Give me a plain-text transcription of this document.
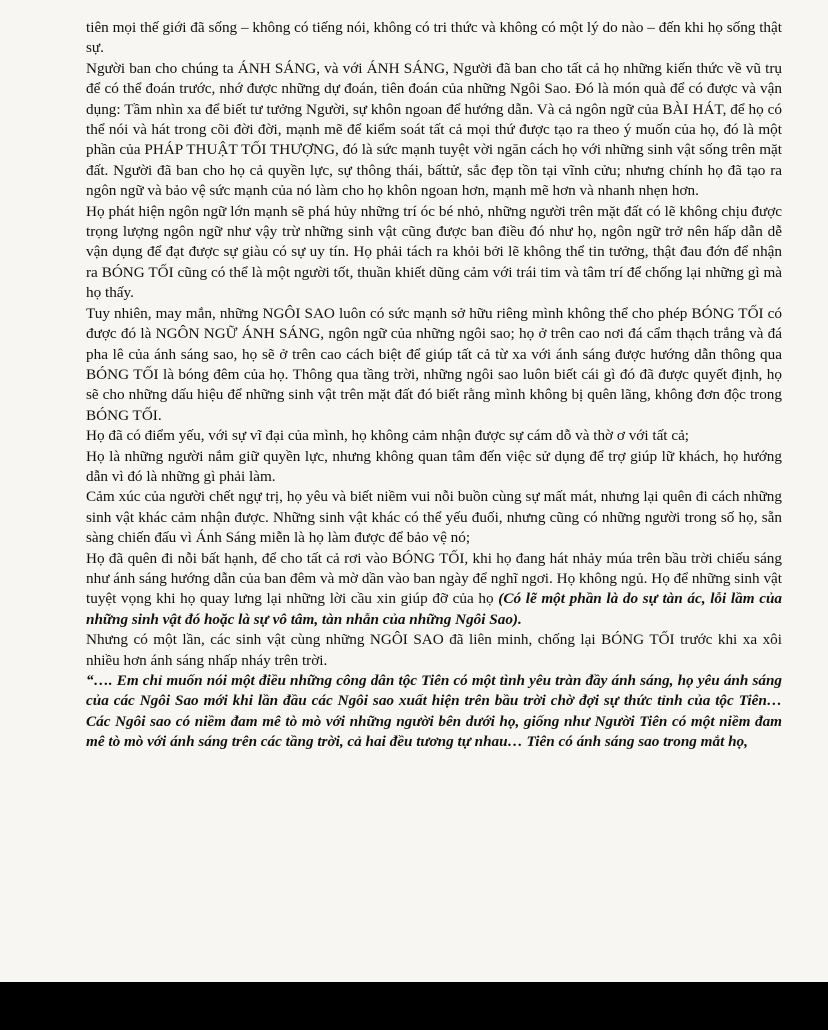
tiên mọi thế giới đã sống – không có tiếng nói, không có tri thức và không có một lý do nào – đến khi họ sống thật sự.

Người ban cho chúng ta ÁNH SÁNG, và với ÁNH SÁNG, Người đã ban cho tất cả họ những kiến thức về vũ trụ để có thể đoán trước, nhớ được những dự đoán, tiên đoán của những Ngôi Sao. Đó là món quà để có được và vận dụng: Tầm nhìn xa để biết tư tưởng Người, sự khôn ngoan để hướng dẫn. Và cả ngôn ngữ của BÀI HÁT, để họ có thể nói và hát trong cõi đời đời, mạnh mẽ để kiểm soát tất cả mọi thứ được tạo ra theo ý muốn của họ, đó là một phần của PHÁP THUẬT TỐI THƯỢNG, đó là sức mạnh tuyệt vời ngăn cách họ với những sinh vật sống trên mặt đất. Người đã ban cho họ cả quyền lực, sự thông thái, bấttử, sắc đẹp tồn tại vĩnh cửu; nhưng chính họ đã tạo ra ngôn ngữ và bảo vệ sức mạnh của nó làm cho họ khôn ngoan hơn, mạnh mẽ hơn và nhanh nhẹn hơn.

Họ phát hiện ngôn ngữ lớn mạnh sẽ phá hủy những trí óc bé nhỏ, những người trên mặt đất có lẽ không chịu được trọng lượng ngôn ngữ như vậy trừ những sinh vật cũng được ban điều đó như họ, ngôn ngữ trở nên hấp dẫn dễ vận dụng để đạt được sự giàu có sự uy tín. Họ phải tách ra khỏi bởi lẽ không thể tin tưởng, thật đau đớn để nhận ra BÓNG TỐI cũng có thể là một người tốt, thuần khiết dũng cảm với trái tim và tâm trí để chống lại những gì mà họ thấy.

Tuy nhiên, may mắn, những NGÔI SAO luôn có sức mạnh sở hữu riêng mình không thể cho phép BÓNG TỐI có được đó là NGÔN NGỮ ÁNH SÁNG, ngôn ngữ của những ngôi sao; họ ở trên cao nơi đá cẩm thạch trắng và đá pha lê của ánh sáng sao, họ sẽ ở trên cao cách biệt để giúp tất cả từ xa với ánh sáng được hướng dẫn thông qua BÓNG TỐI là bóng đêm của họ. Thông qua tầng trời, những ngôi sao luôn biết cái gì đó đã được quyết định, họ sẽ cho những dấu hiệu để những sinh vật trên mặt đất đó biết rằng mình không bị quên lãng, không đơn độc trong BÓNG TỐI.

Họ đã có điểm yếu, với sự vĩ đại của mình, họ không cảm nhận được sự cám dỗ và thờ ơ với tất cả;

Họ là những người nắm giữ quyền lực, nhưng không quan tâm đến việc sử dụng để trợ giúp lữ khách, họ hướng dẫn vì đó là những gì phải làm.

Cảm xúc của người chết ngự trị, họ yêu và biết niềm vui nỗi buồn cùng sự mất mát, nhưng lại quên đi cách những sinh vật khác cảm nhận được. Những sinh vật khác có thể yếu đuối, nhưng cũng có những người trong số họ, sẵn sàng chiến đấu vì Ánh Sáng miễn là họ làm được để bảo vệ nó;

Họ đã quên đi nỗi bất hạnh, để cho tất cả rơi vào BÓNG TỐI, khi họ đang hát nhảy múa trên bầu trời chiếu sáng như ánh sáng hướng dẫn của ban đêm và mờ dần vào ban ngày để nghĩ ngơi. Họ không ngủ. Họ để những sinh vật tuyệt vọng khi họ quay lưng lại những lời cầu xin giúp đỡ của họ (Có lẽ một phần là do sự tàn ác, lỗi lầm của những sinh vật đó hoặc là sự vô tâm, tàn nhẫn của những Ngôi Sao).

Nhưng có một lần, các sinh vật cùng những NGÔI SAO đã liên minh, chống lại BÓNG TỐI trước khi xa xôi nhiều hơn ánh sáng nhấp nháy trên trời.

“…. Em chỉ muốn nói một điều những công dân tộc Tiên có một tình yêu tràn đầy ánh sáng, họ yêu ánh sáng của các Ngôi Sao mới khi lần đầu các Ngôi sao xuất hiện trên bầu trời chờ đợi sự thức tỉnh của tộc Tiên… Các Ngôi sao có niềm đam mê tò mò với những người bên dưới họ, giống như Người Tiên có một niềm đam mê tò mò với ánh sáng trên các tầng trời, cả hai đều tương tự nhau… Tiên có ánh sáng sao trong mắt họ,
